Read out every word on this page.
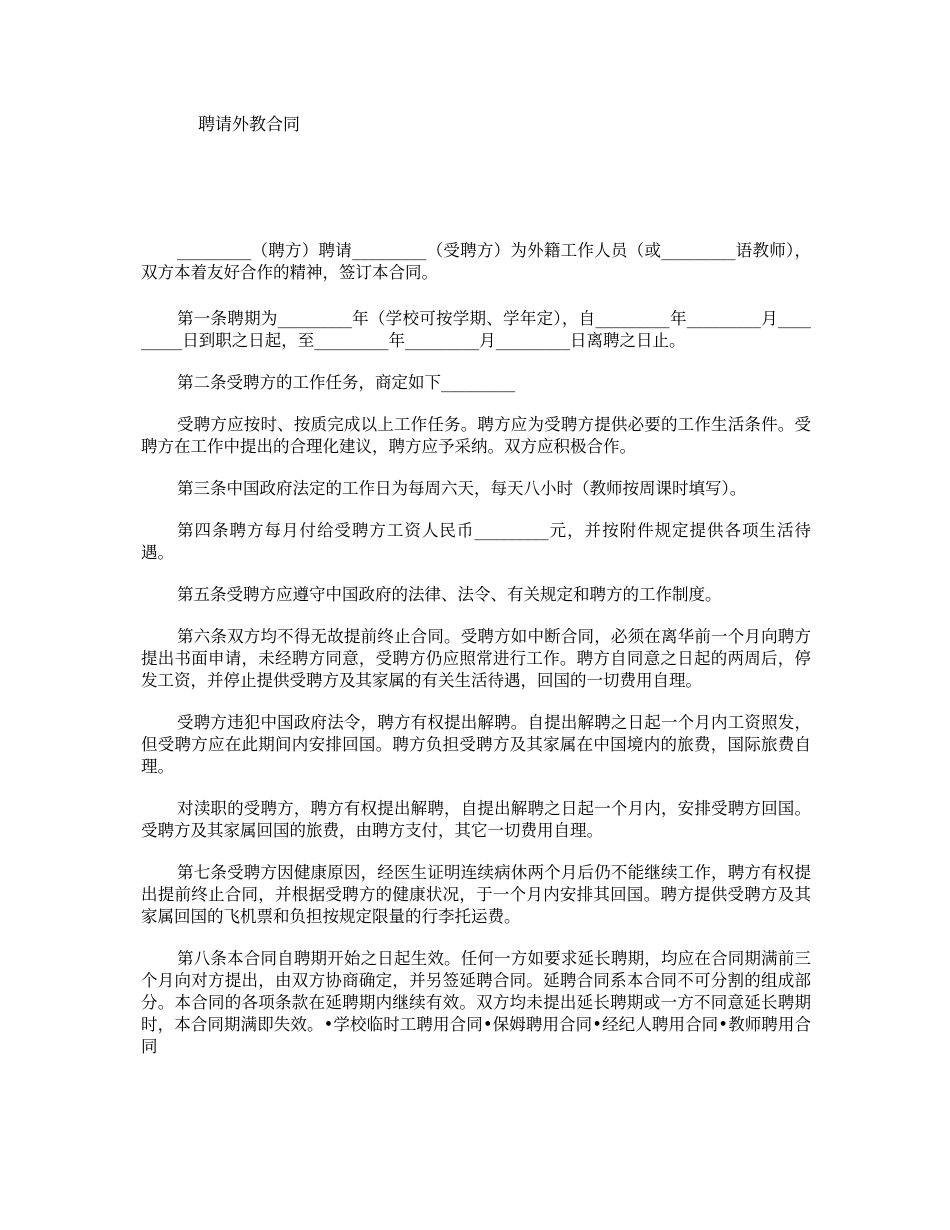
聘请外教合同

_________（聘方）聘请_________（受聘方）为外籍工作人员（或_________语教师），双方本着友好合作的精神，签订本合同。

第一条聘期为_________年（学校可按学期、学年定），自_________年_________月_________日到职之日起，至_________年_________月_________日离聘之日止。

第二条受聘方的工作任务，商定如下_________

受聘方应按时、按质完成以上工作任务。聘方应为受聘方提供必要的工作生活条件。受聘方在工作中提出的合理化建议，聘方应予采纳。双方应积极合作。

第三条中国政府法定的工作日为每周六天，每天八小时（教师按周课时填写）。

第四条聘方每月付给受聘方工资人民币_________元，并按附件规定提供各项生活待遇。

第五条受聘方应遵守中国政府的法律、法令、有关规定和聘方的工作制度。

第六条双方均不得无故提前终止合同。受聘方如中断合同，必须在离华前一个月向聘方提出书面申请，未经聘方同意，受聘方仍应照常进行工作。聘方自同意之日起的两周后，停发工资，并停止提供受聘方及其家属的有关生活待遇，回国的一切费用自理。

受聘方违犯中国政府法令，聘方有权提出解聘。自提出解聘之日起一个月内工资照发，但受聘方应在此期间内安排回国。聘方负担受聘方及其家属在中国境内的旅费，国际旅费自理。

对渎职的受聘方，聘方有权提出解聘，自提出解聘之日起一个月内，安排受聘方回国。受聘方及其家属回国的旅费，由聘方支付，其它一切费用自理。

第七条受聘方因健康原因，经医生证明连续病休两个月后仍不能继续工作，聘方有权提出提前终止合同，并根据受聘方的健康状况，于一个月内安排其回国。聘方提供受聘方及其家属回国的飞机票和负担按规定限量的行李托运费。

第八条本合同自聘期开始之日起生效。任何一方如要求延长聘期，均应在合同期满前三个月向对方提出，由双方协商确定，并另签延聘合同。延聘合同系本合同不可分割的组成部分。本合同的各项条款在延聘期内继续有效。双方均未提出延长聘期或一方不同意延长聘期时，本合同期满即失效。•学校临时工聘用合同•保姆聘用合同•经纪人聘用合同•教师聘用合同
